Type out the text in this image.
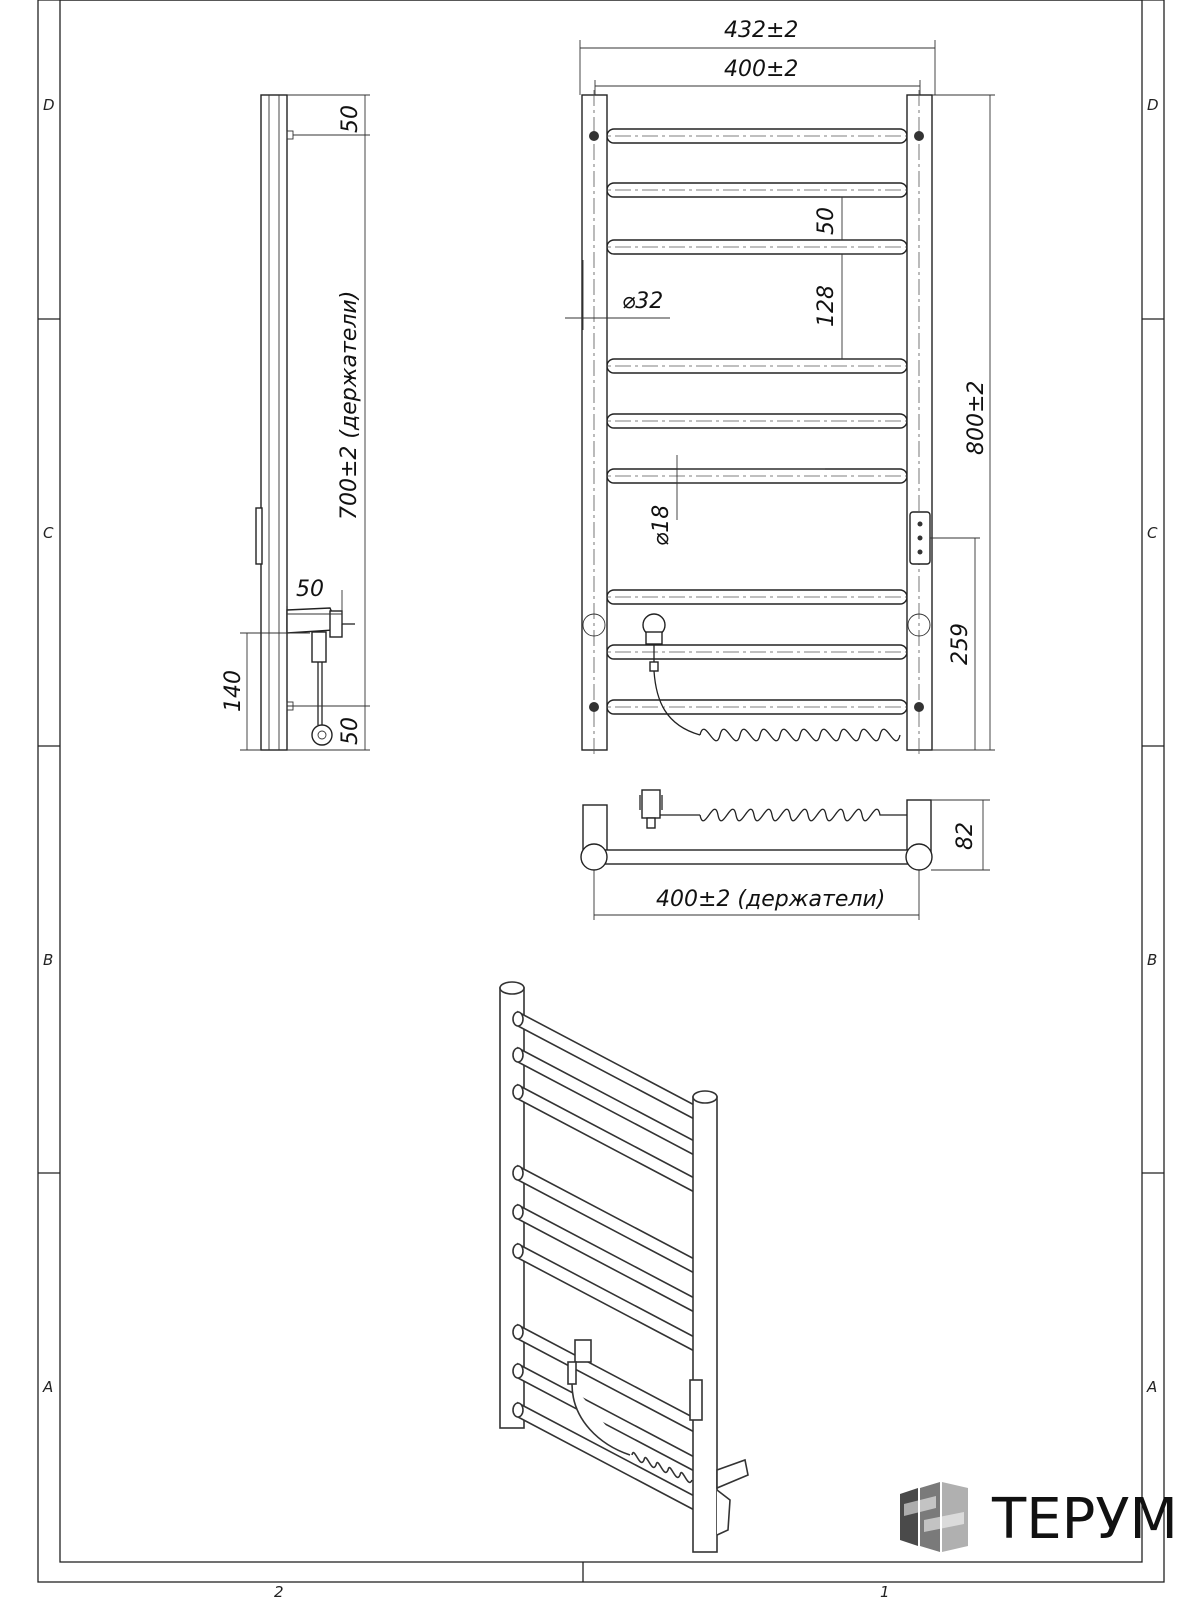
D
C
B
A
D
C
B
A
2	1
50
700±2 (держатели)
50
50
140
432±2
400±2
800±2
259
50
128
⌀32
⌀18
400±2 (держатели)
82
ТЕРУМ
